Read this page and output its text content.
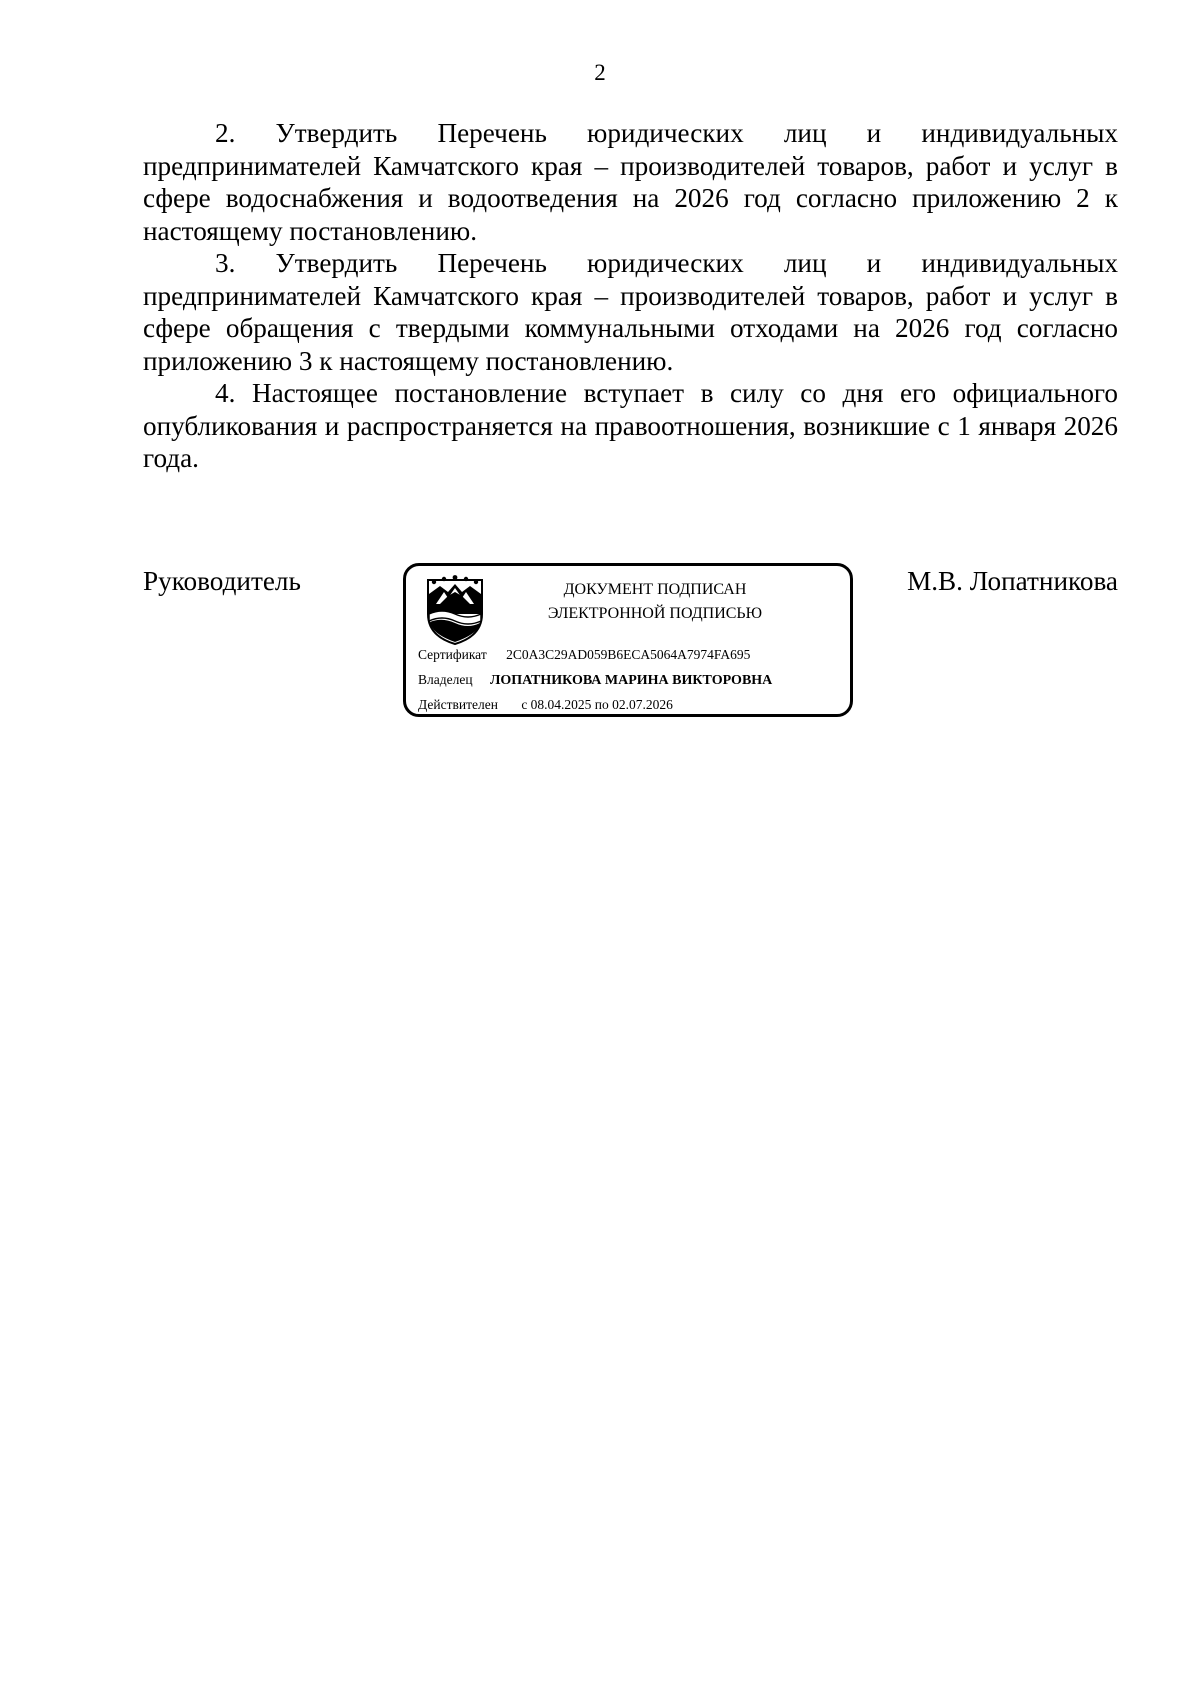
2

2. Утвердить Перечень юридических лиц и индивидуальных предпринимателей Камчатского края – производителей товаров, работ и услуг в сфере водоснабжения и водоотведения на 2026 год согласно приложению 2 к настоящему постановлению.

3. Утвердить Перечень юридических лиц и индивидуальных предпринимателей Камчатского края – производителей товаров, работ и услуг в сфере обращения с твердыми коммунальными отходами на 2026 год согласно приложению 3 к настоящему постановлению.

4. Настоящее постановление вступает в силу со дня его официального опубликования и распространяется на правоотношения, возникшие с 1 января 2026 года.

Руководитель	ДОКУМЕНТ ПОДПИСАН
ЭЛЕКТРОННОЙ ПОДПИСЬЮ
Сертификат 2C0A3C29AD059B6ECA5064A7974FA695
Владелец ЛОПАТНИКОВА МАРИНА ВИКТОРОВНА
Действителен с 08.04.2025 по 02.07.2026
М.В. Лопатникова
